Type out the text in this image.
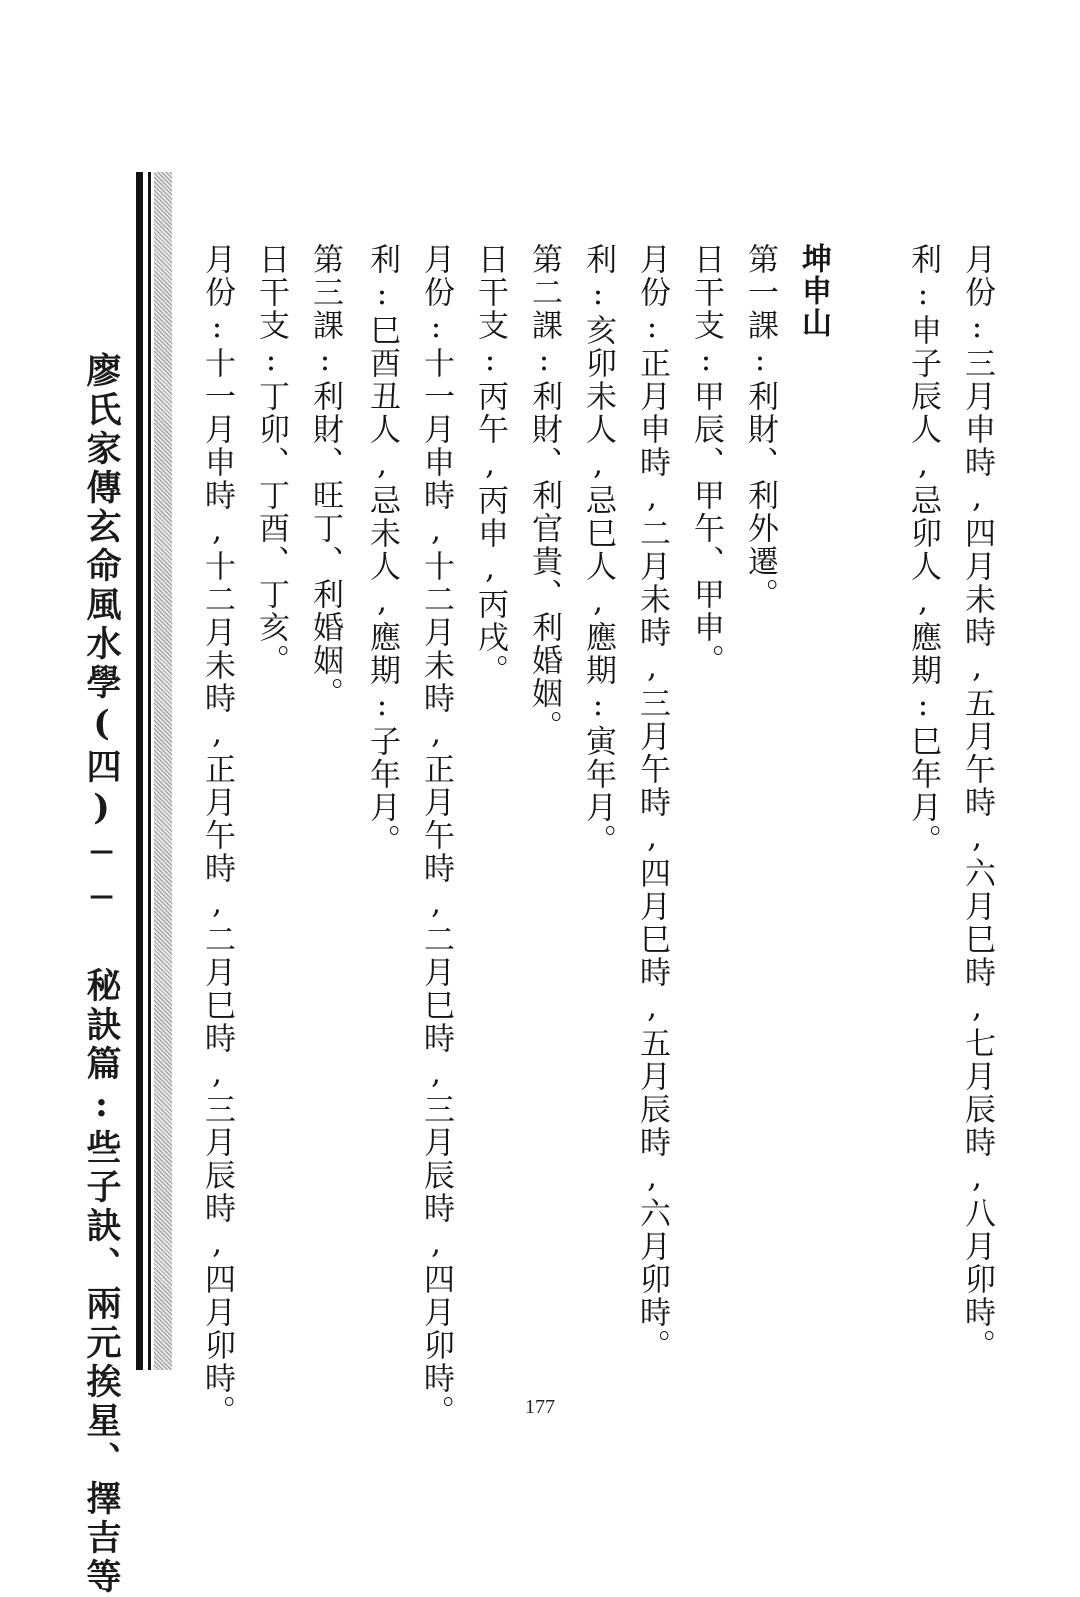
月份:三月申時,四月未時,五月午時,六月巳時,七月辰時,八月卯時。
利:申子辰人,忌卯人,應期:巳年月。
坤申山
第一課:利財、利外遷。
日干支:甲辰、甲午、甲申。
月份:正月申時,二月未時,三月午時,四月巳時,五月辰時,六月卯時。
利:亥卯未人,忌巳人,應期:寅年月。
第二課:利財、利官貴、利婚姻。
日干支:丙午,丙申,丙戌。
月份:十一月申時,十二月未時,正月午時,二月巳時,三月辰時,四月卯時。
利:巳酉丑人,忌未人,應期:子年月。
第三課:利財、旺丁、利婚姻。
日干支:丁卯、丁酉、丁亥。
月份:十一月申時,十二月未時,正月午時,二月巳時,三月辰時,四月卯時。
廖氏家傳玄命風水學(四)── 秘訣篇:些子訣、兩元挨星、擇吉等	177
